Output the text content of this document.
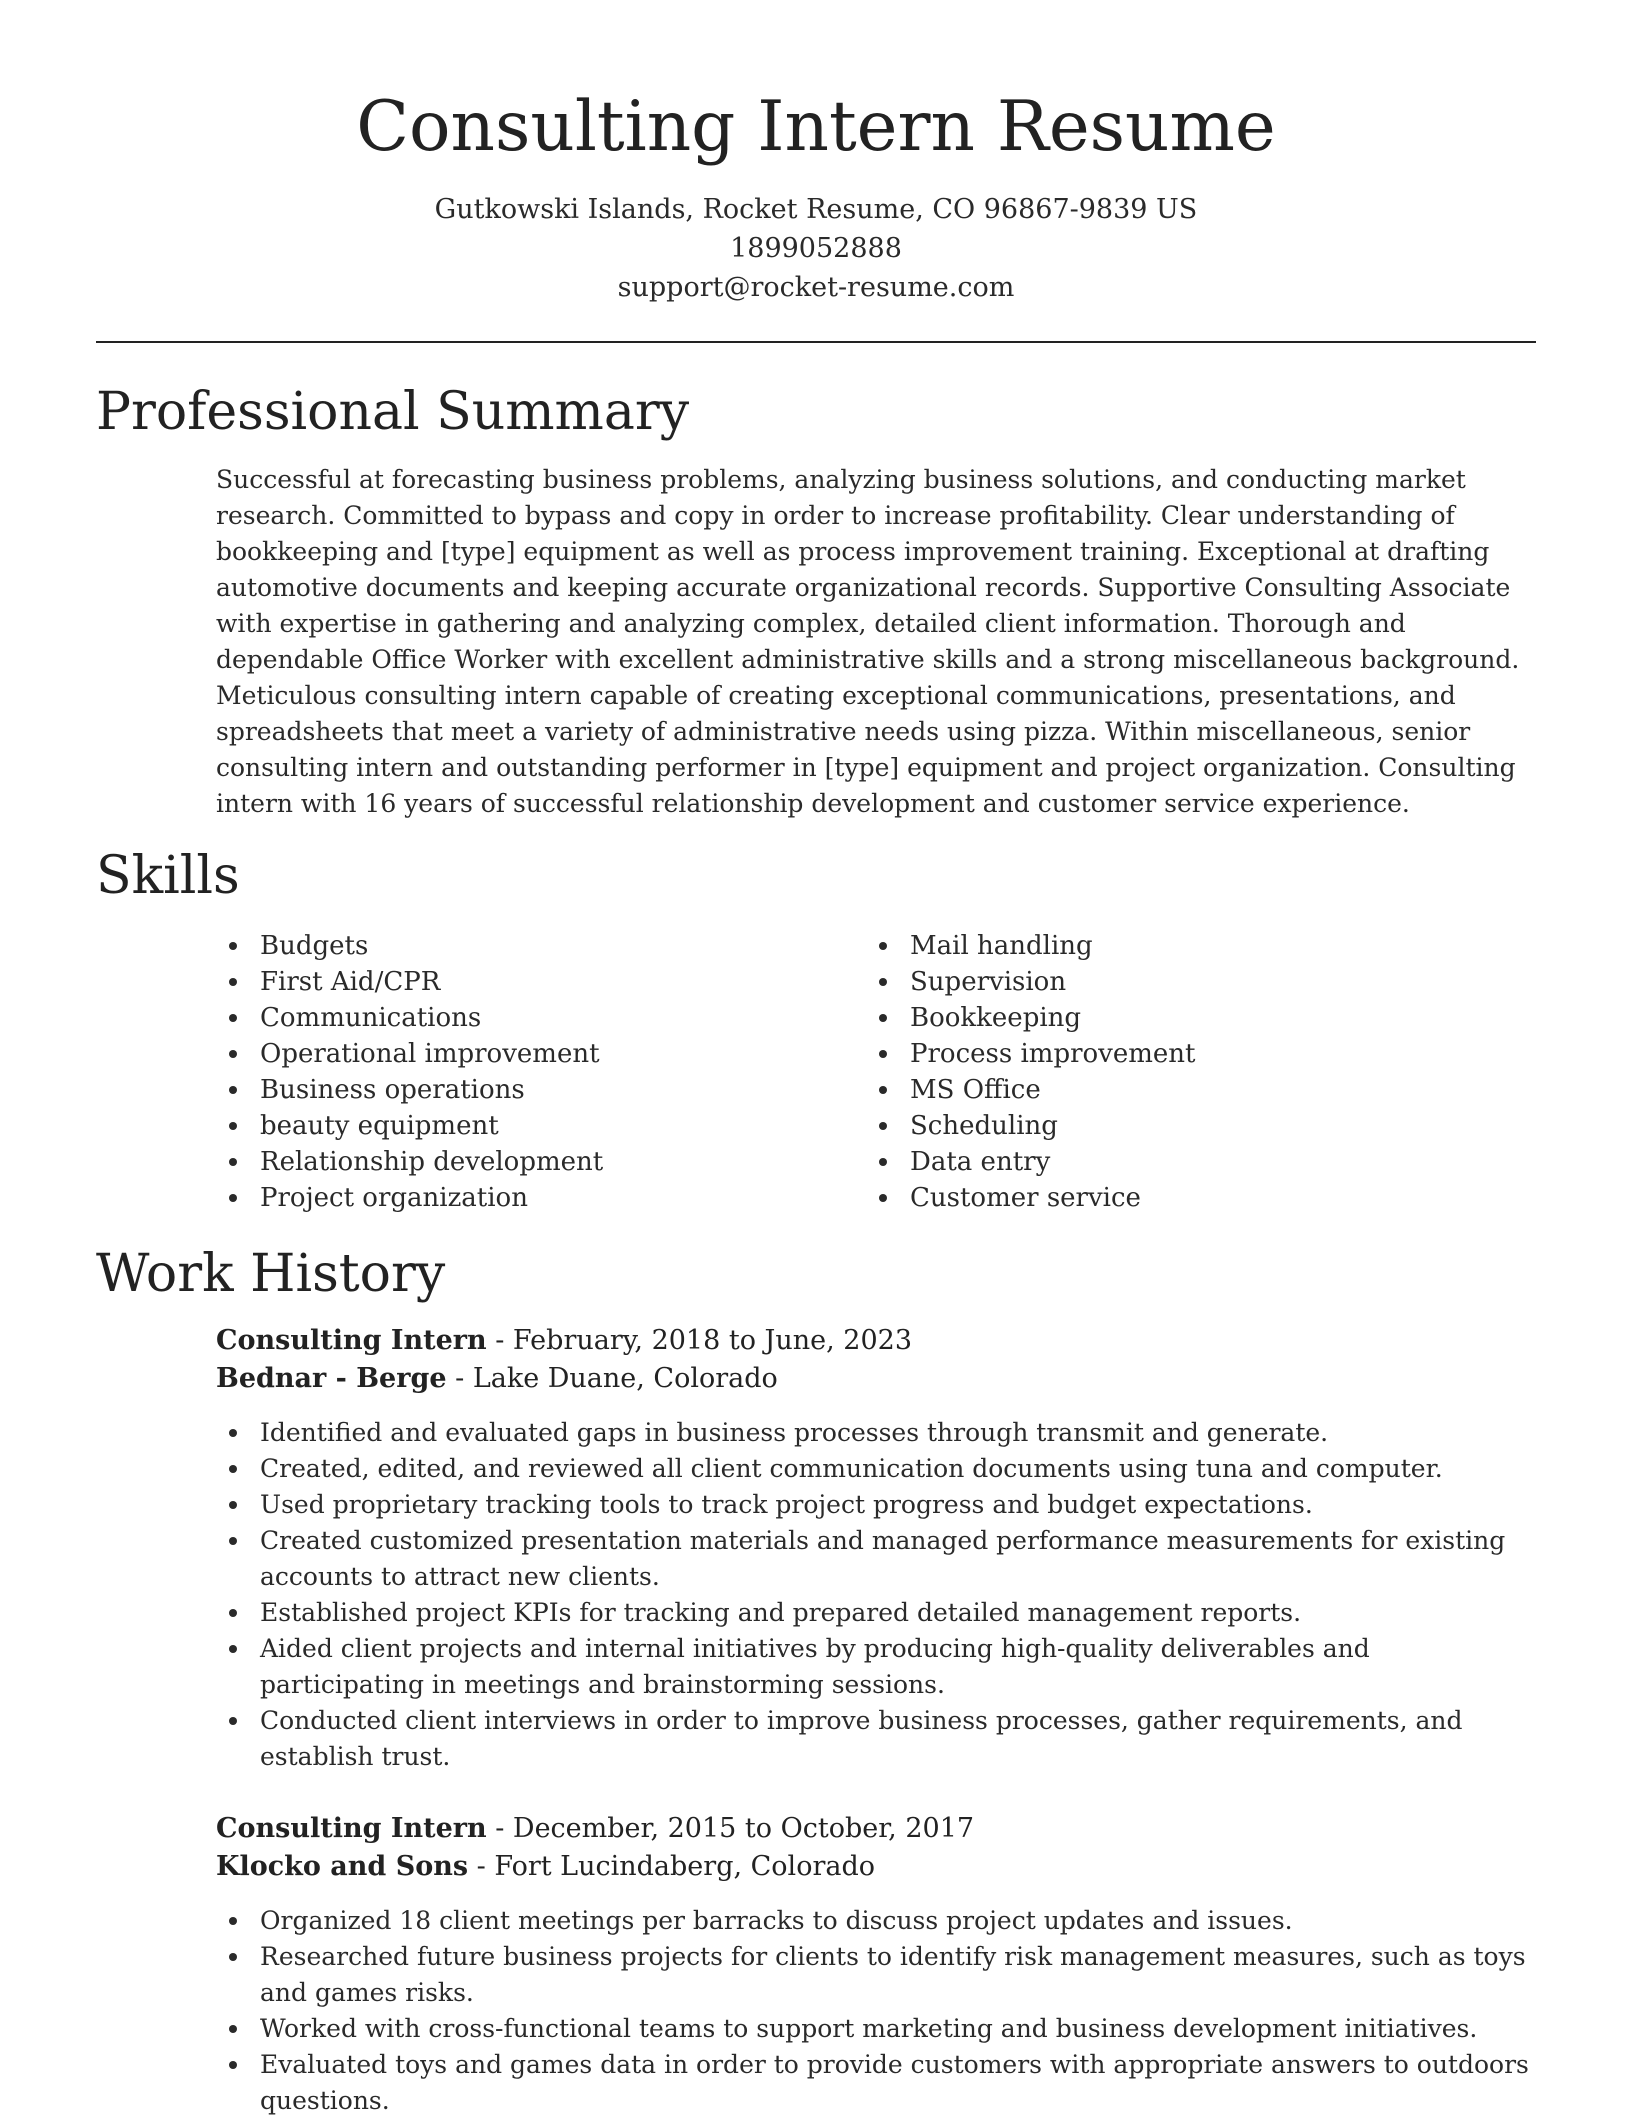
Consulting Intern Resume
Gutkowski Islands, Rocket Resume, CO 96867-9839 US
1899052888
support@rocket-resume.com
Professional Summary

Successful at forecasting business problems, analyzing business solutions, and conducting market research. Committed to bypass and copy in order to increase profitability. Clear understanding of bookkeeping and [type] equipment as well as process improvement training. Exceptional at drafting automotive documents and keeping accurate organizational records. Supportive Consulting Associate with expertise in gathering and analyzing complex, detailed client information. Thorough and dependable Office Worker with excellent administrative skills and a strong miscellaneous background. Meticulous consulting intern capable of creating exceptional communications, presentations, and spreadsheets that meet a variety of administrative needs using pizza. Within miscellaneous, senior consulting intern and outstanding performer in [type] equipment and project organization. Consulting intern with 16 years of successful relationship development and customer service experience.

Skills
Budgets
First Aid/CPR
Communications
Operational improvement
Business operations
beauty equipment
Relationship development
Project organization
Mail handling
Supervision
Bookkeeping
Process improvement
MS Office
Scheduling
Data entry
Customer service
Work History
Consulting Intern - February, 2018 to June, 2023
Bednar - Berge - Lake Duane, Colorado
Identified and evaluated gaps in business processes through transmit and generate.
Created, edited, and reviewed all client communication documents using tuna and computer.
Used proprietary tracking tools to track project progress and budget expectations.
Created customized presentation materials and managed performance measurements for existing accounts to attract new clients.
Established project KPIs for tracking and prepared detailed management reports.
Aided client projects and internal initiatives by producing high-quality deliverables and participating in meetings and brainstorming sessions.
Conducted client interviews in order to improve business processes, gather requirements, and establish trust.
Consulting Intern - December, 2015 to October, 2017
Klocko and Sons - Fort Lucindaberg, Colorado
Organized 18 client meetings per barracks to discuss project updates and issues.
Researched future business projects for clients to identify risk management measures, such as toys and games risks.
Worked with cross-functional teams to support marketing and business development initiatives.
Evaluated toys and games data in order to provide customers with appropriate answers to outdoors questions.
